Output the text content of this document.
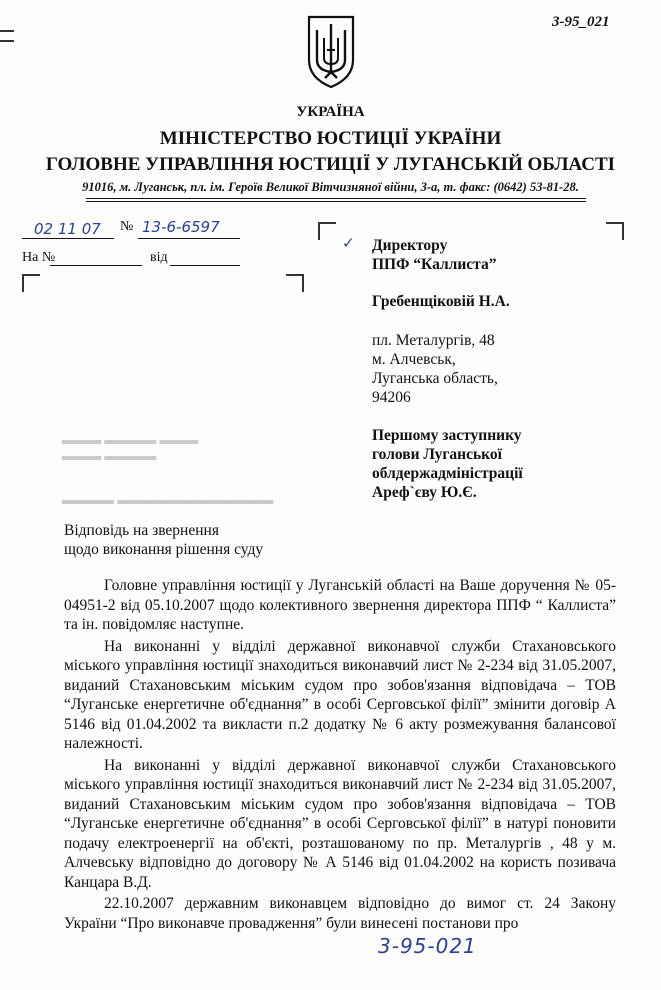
3-95_021
УКРАЇНА
МІНІСТЕРСТВО ЮСТИЦІЇ УКРАЇНИ
ГОЛОВНЕ УПРАВЛІННЯ ЮСТИЦІЇ У ЛУГАНСЬКІЙ ОБЛАСТІ
91016, м. Луганськ, пл. ім. Героїв Великої Вітчизняної війни, 3-а, т. факс: (0642) 53-81-28.
02 11 07 № 13-6-6597
На №	від
✓ Директору
ППФ “Каллиста”
Гребенщіковій Н.А.
пл. Металургів, 48
м. Алчевськ,
Луганська область,
94206
Першому заступнику
голови Луганської
облдержадміністрації
Ареф`єву Ю.Є.
▬▬▬ ▬▬▬▬ ▬▬▬
▬▬▬ ▬▬▬▬
▬▬▬▬ ▬▬▬▬▬▬▬▬▬▬▬▬
Відповідь на звернення
щодо виконання рішення суду

Головне управління юстиції у Луганській області на Ваше доручення № 05-04951-2 від 05.10.2007 щодо колективного звернення директора ППФ “ Каллиста” та ін. повідомляє наступне.

На виконанні у відділі державної виконавчої служби Стахановського міського управління юстиції знаходиться виконавчий лист № 2-234 від 31.05.2007, виданий Стахановським міським судом про зобов'язання відповідача – ТОВ “Луганське енергетичне об'єднання” в особі Серговської філії” змінити договір А 5146 від 01.04.2002 та викласти п.2 додатку № 6 акту розмежування балансової належності.

На виконанні у відділі державної виконавчої служби Стахановського міського управління юстиції знаходиться виконавчий лист № 2-234 від 31.05.2007, виданий Стахановським міським судом про зобов'язання відповідача – ТОВ “Луганське енергетичне об'єднання” в особі Серговської філії” в натурі поновити подачу електроенергії на об'єкті, розташованому по пр. Металургів , 48 у м. Алчевську відповідно до договору № А 5146 від 01.04.2002 на користь позивача Канцара В.Д.

22.10.2007 державним виконавцем відповідно до вимог ст. 24 Закону України “Про виконавче провадження” були винесені постанови про

3-95-021
